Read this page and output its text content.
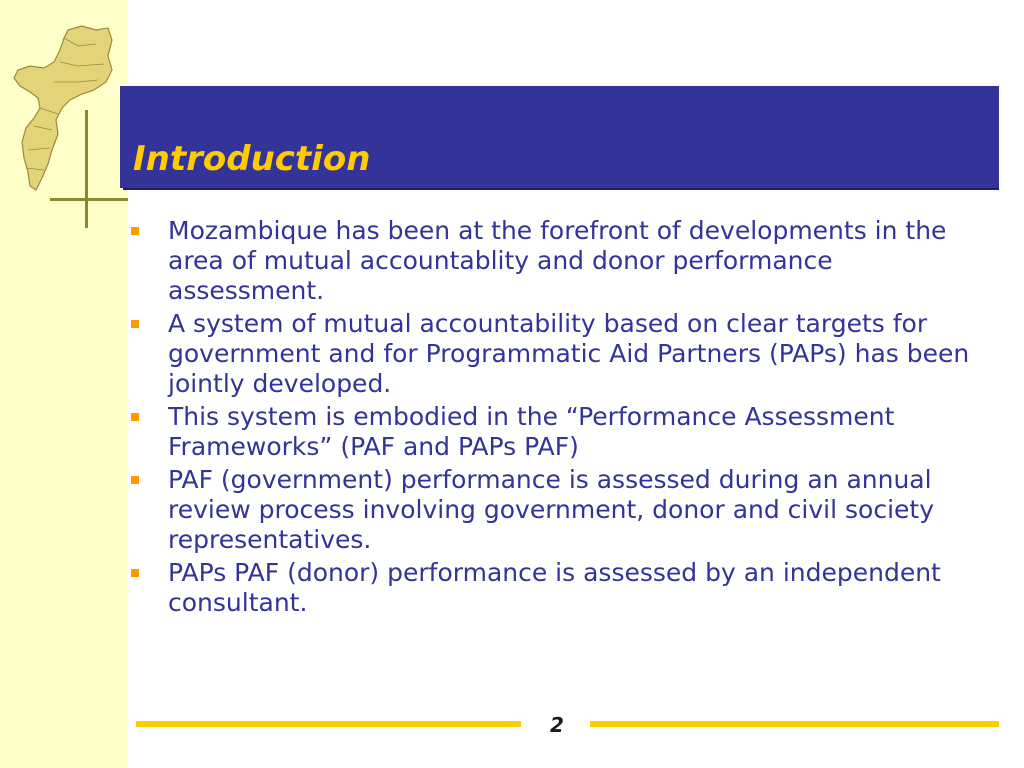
Introduction
Mozambique has been at the forefront of developments in the area of mutual accountablity and donor performance assessment.
A system of mutual accountability based on clear targets for government and for Programmatic Aid Partners (PAPs) has been jointly developed.
This system is embodied in the “Performance Assessment Frameworks” (PAF and PAPs PAF)
PAF (government) performance is assessed during an annual review process involving government, donor and civil society representatives.
PAPs PAF (donor) performance is assessed by an independent consultant.
2
